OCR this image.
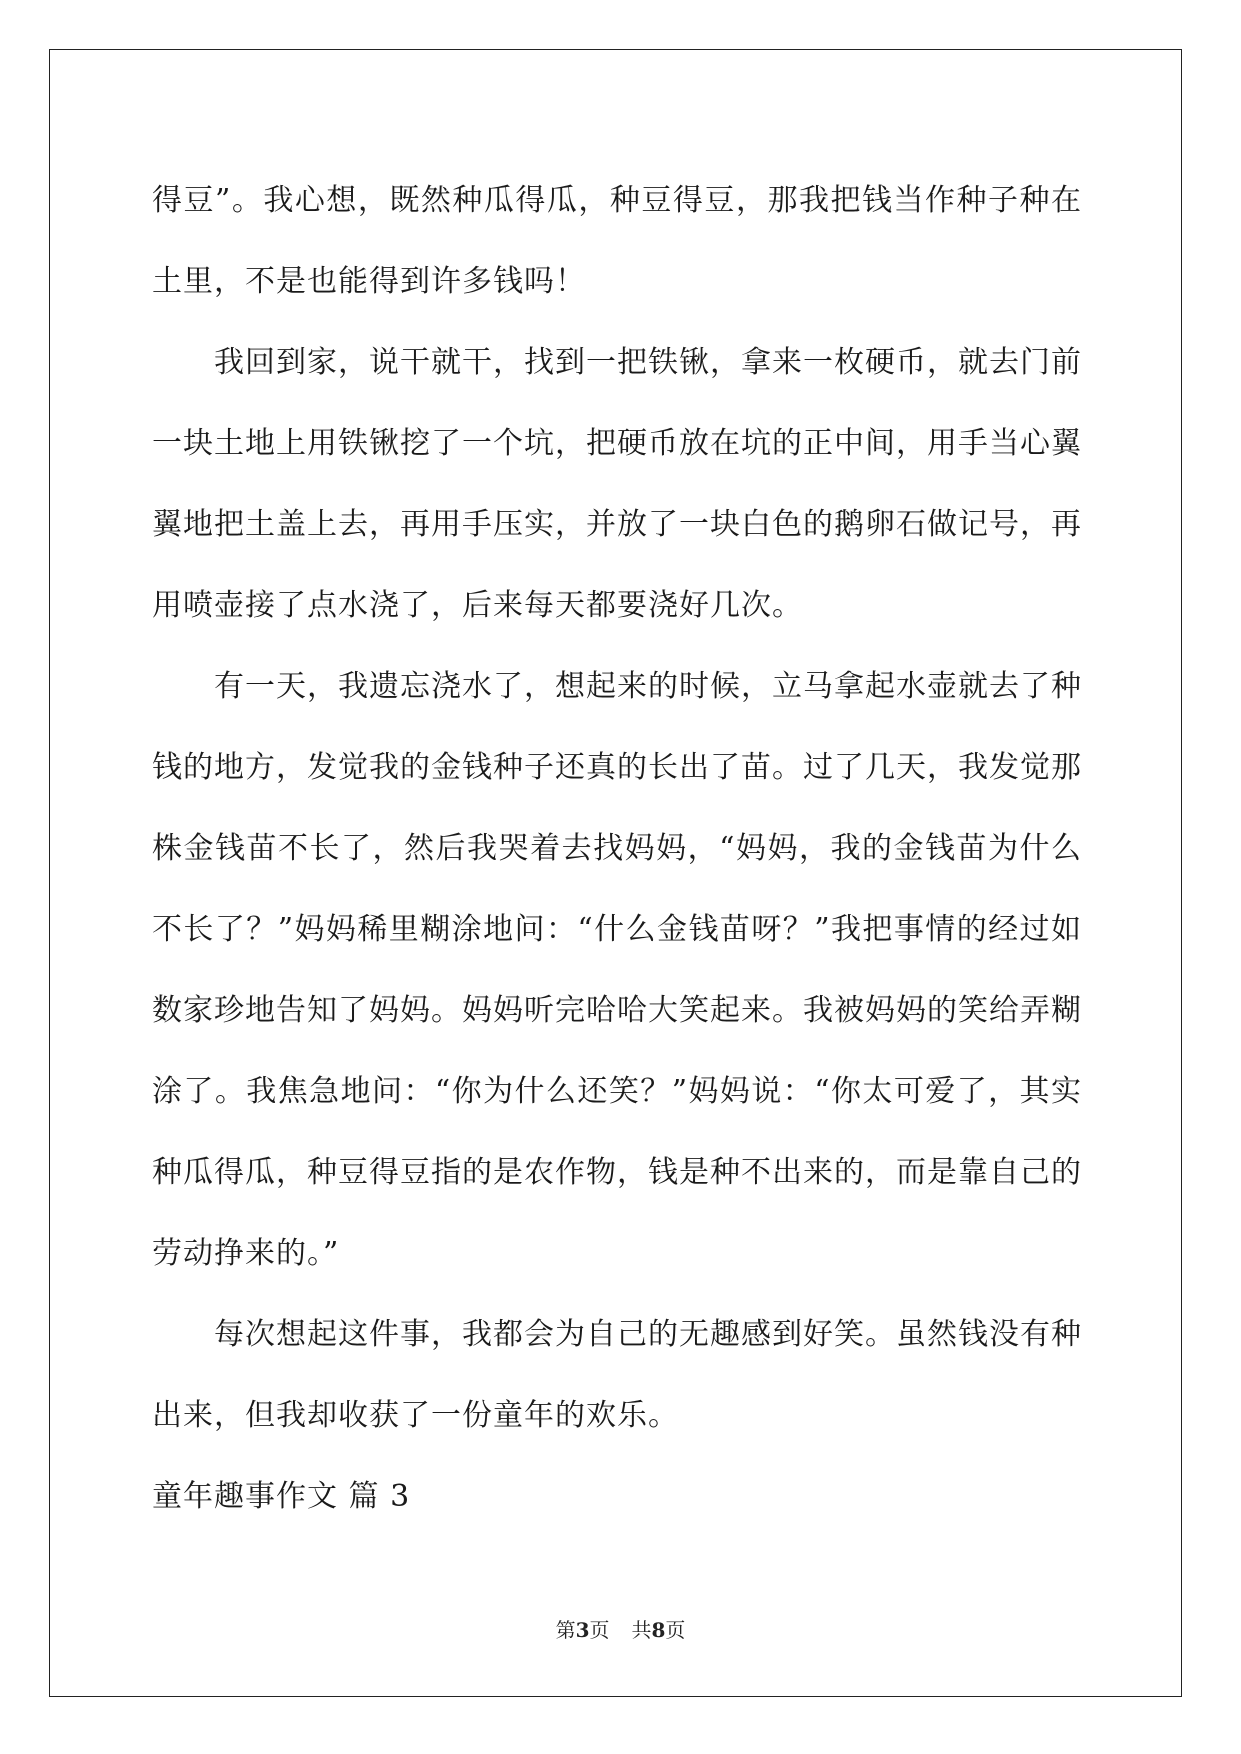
得豆”。我心想，既然种瓜得瓜，种豆得豆，那我把钱当作种子种在土里，不是也能得到许多钱吗！

我回到家，说干就干，找到一把铁锹，拿来一枚硬币，就去门前一块土地上用铁锹挖了一个坑，把硬币放在坑的正中间，用手当心翼翼地把土盖上去，再用手压实，并放了一块白色的鹅卵石做记号，再用喷壶接了点水浇了，后来每天都要浇好几次。

有一天，我遗忘浇水了，想起来的时候，立马拿起水壶就去了种钱的地方，发觉我的金钱种子还真的长出了苗。过了几天，我发觉那株金钱苗不长了，然后我哭着去找妈妈，“妈妈，我的金钱苗为什么不长了？”妈妈稀里糊涂地问：“什么金钱苗呀？”我把事情的经过如数家珍地告知了妈妈。妈妈听完哈哈大笑起来。我被妈妈的笑给弄糊涂了。我焦急地问：“你为什么还笑？”妈妈说：“你太可爱了，其实种瓜得瓜，种豆得豆指的是农作物，钱是种不出来的，而是靠自己的劳动挣来的。”

每次想起这件事，我都会为自己的无趣感到好笑。虽然钱没有种出来，但我却收获了一份童年的欢乐。

童年趣事作文 篇 3

第3页 共8页
